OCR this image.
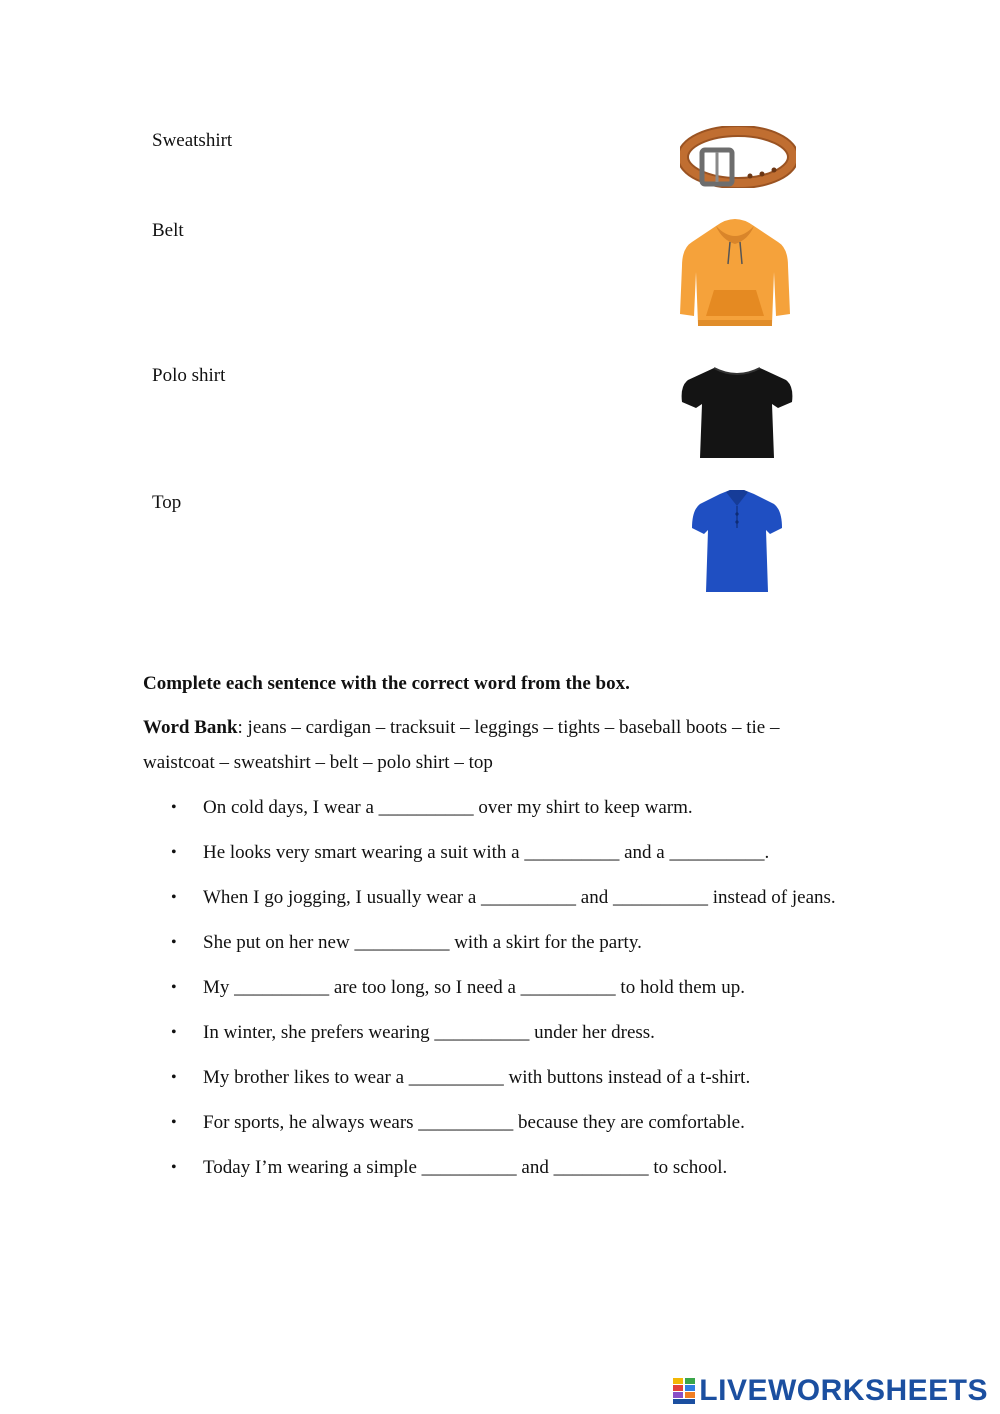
Sweatshirt
Belt
Polo shirt
Top
Complete each sentence with the correct word from the box.
Word Bank: jeans – cardigan – tracksuit – leggings – tights – baseball boots – tie – waistcoat – sweatshirt – belt – polo shirt – top
• On cold days, I wear a __________ over my shirt to keep warm.
• He looks very smart wearing a suit with a __________ and a __________.
• When I go jogging, I usually wear a __________ and __________ instead of jeans.
• She put on her new __________ with a skirt for the party.
• My __________ are too long, so I need a __________ to hold them up.
• In winter, she prefers wearing __________ under her dress.
• My brother likes to wear a __________ with buttons instead of a t-shirt.
• For sports, he always wears __________ because they are comfortable.
• Today I’m wearing a simple __________ and __________ to school.
LIVEWORKSHEETS
